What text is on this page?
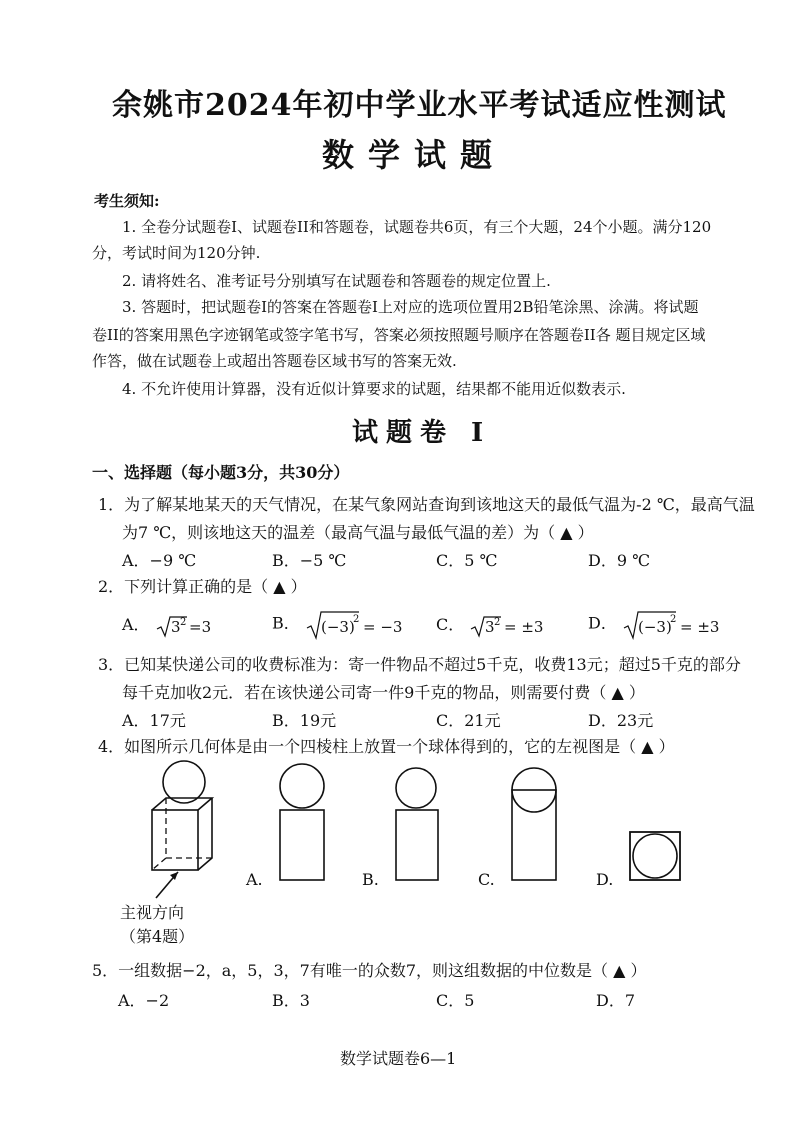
余姚市2024年初中学业水平考试适应性测试
数学试题
考生须知:
1. 全卷分试题卷I、试题卷II和答题卷，试题卷共6页，有三个大题，24个小题。满分120
分，考试时间为120分钟.
2. 请将姓名、准考证号分别填写在试题卷和答题卷的规定位置上.
3. 答题时，把试题卷I的答案在答题卷I上对应的选项位置用2B铅笔涂黑、涂满。将试题
卷II的答案用黑色字迹钢笔或签字笔书写，答案必须按照题号顺序在答题卷II各 题目规定区域
作答，做在试题卷上或超出答题卷区域书写的答案无效.
4. 不允许使用计算器，没有近似计算要求的试题，结果都不能用近似数表示.
试题卷 I
一、选择题（每小题3分，共30分）
1．为了解某地某天的天气情况，在某气象网站查询到该地这天的最低气温为-2 ℃，最高气温
为7 ℃，则该地这天的温差（最高气温与最低气温的差）为（ ▲ ）
A．−9 ℃	B．−5 ℃	C．5 ℃	D．9 ℃
2．下列计算正确的是（ ▲ ）
A． 3 2 =3	B． (−3)
2 = −3 C． 3 2 = ±3	D． (−3)
2 = ±3
3．已知某快递公司的收费标准为：寄一件物品不超过5千克，收费13元；超过5千克的部分
每千克加收2元．若在该快递公司寄一件9千克的物品，则需要付费（ ▲ ）
A．17元	B．19元	C．21元	D．23元
4．如图所示几何体是由一个四棱柱上放置一个球体得到的，它的左视图是（ ▲ ）
主视方向
（第4题）
A.	B.	C.	D.
5．一组数据−2，a，5，3，7有唯一的众数7，则这组数据的中位数是（ ▲ ）
A．−2	B．3	C．5	D．7
数学试题卷6—1
